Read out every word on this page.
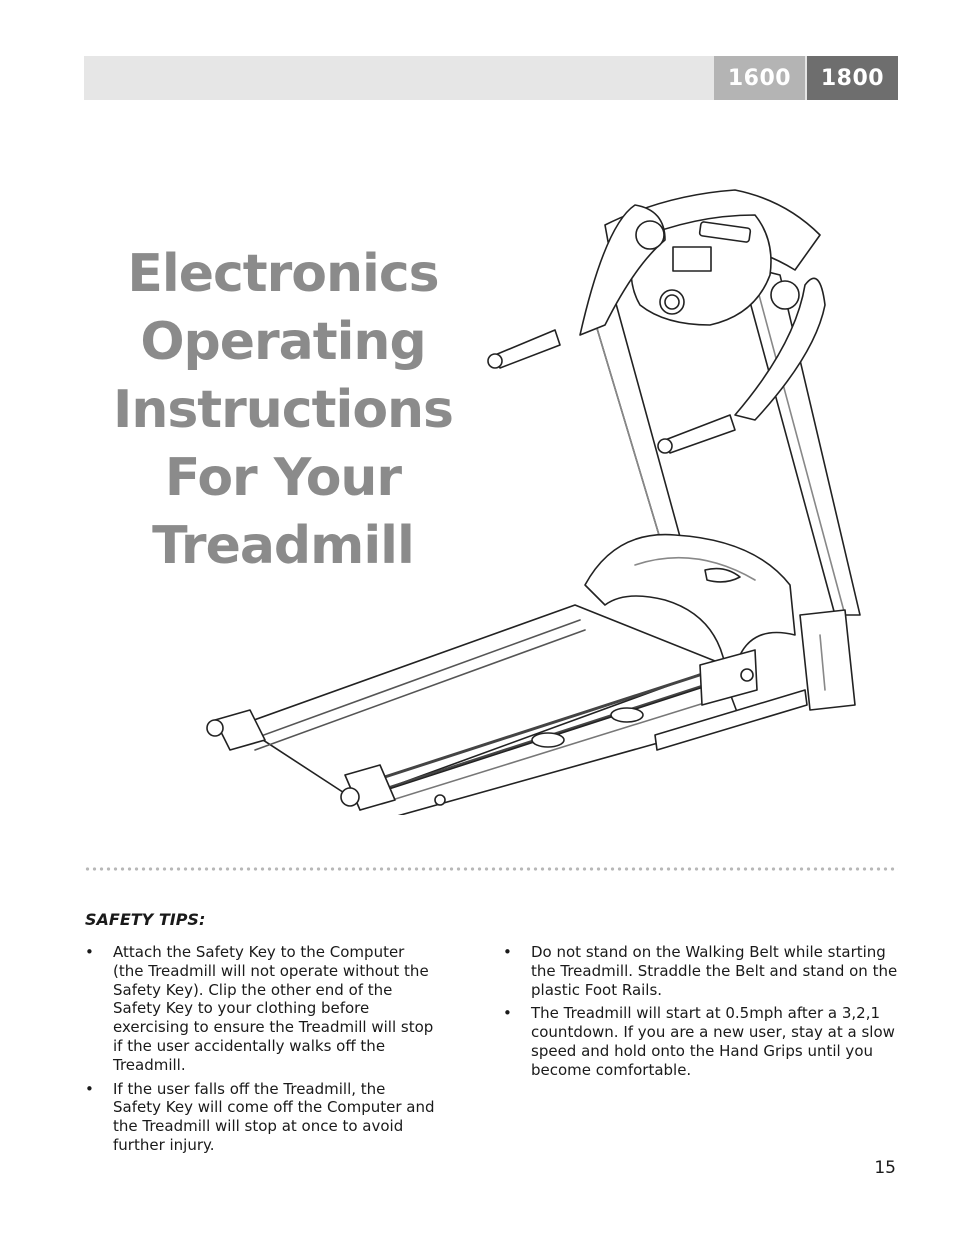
1600	1800
Electronics
Operating
Instructions
For Your
Treadmill
SAFETY TIPS:
•	Attach the Safety Key to the Computer (the Treadmill will not operate without the Safety Key). Clip the other end of the Safety Key to your clothing before exercising to ensure the Treadmill will stop if the user accidentally walks off the Treadmill.
•	If the user falls off the Treadmill, the Safety Key will come off the Computer and the Treadmill will stop at once to avoid further injury.
•	Do not stand on the Walking Belt while starting the Treadmill. Straddle the Belt and stand on the plastic Foot Rails.
•	The Treadmill will start at 0.5mph after a 3,2,1 countdown. If you are a new user, stay at a slow speed and hold onto the Hand Grips until you become comfortable.
15
